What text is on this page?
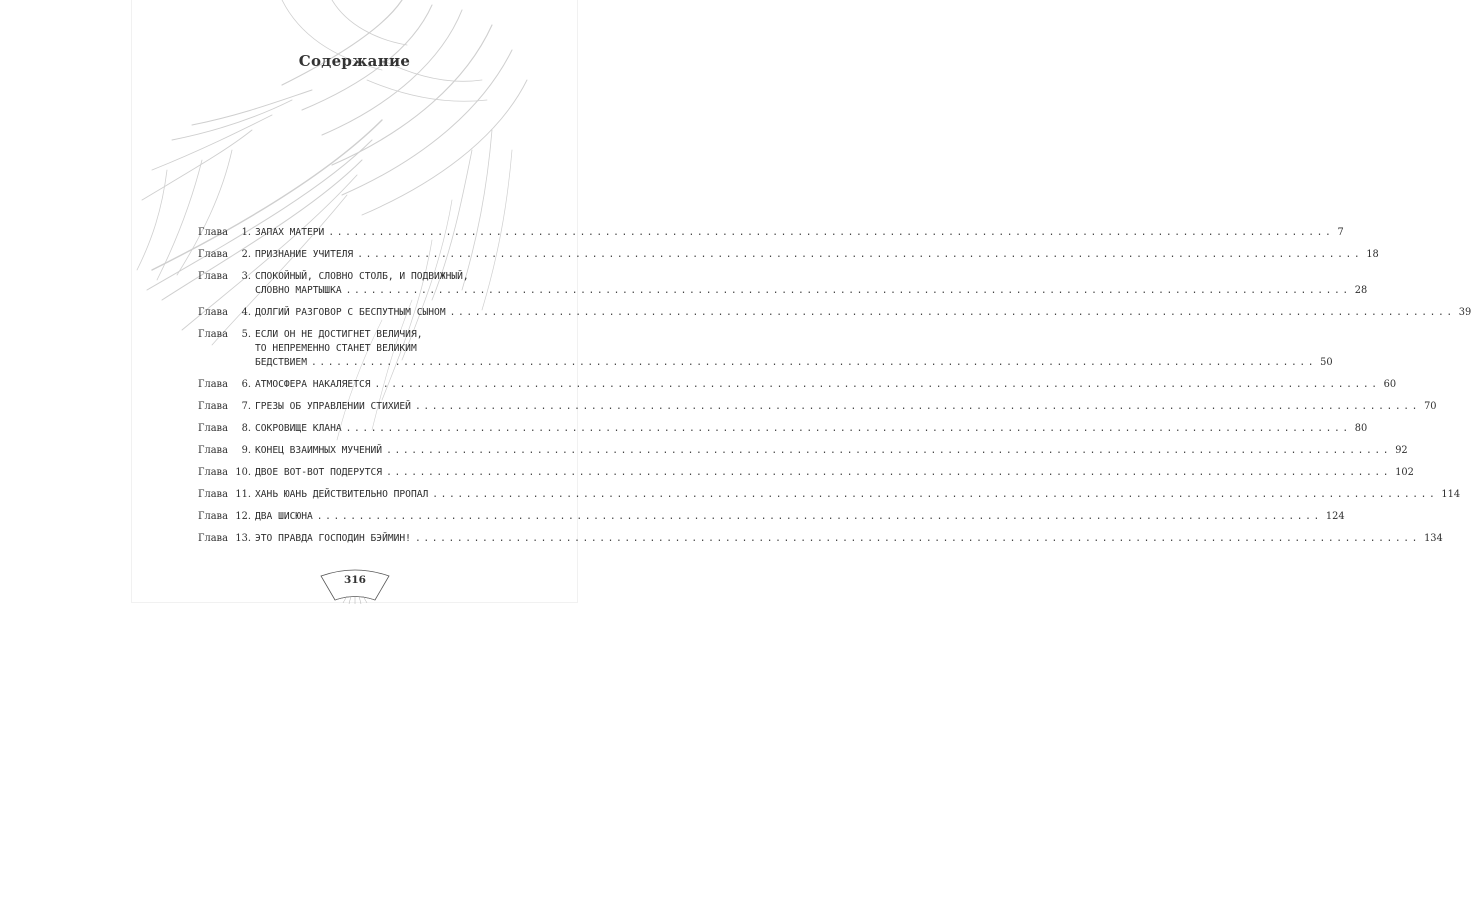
Содержание
Глава	1. ЗАПАХ МАТЕРИ ........................................................................................................................ 7
Глава	2. ПРИЗНАНИЕ УЧИТЕЛЯ ........................................................................................................................ 18
Глава	3. СПОКОЙНЫЙ, СЛОВНО СТОЛБ, И ПОДВИЖНЫЙ,
СЛОВНО МАРТЫШКА ........................................................................................................................ 28
Глава	4. ДОЛГИЙ РАЗГОВОР С БЕСПУТНЫМ СЫНОМ ........................................................................................................................ 39
Глава	5. ЕСЛИ ОН НЕ ДОСТИГНЕТ ВЕЛИЧИЯ,
ТО НЕПРЕМЕННО СТАНЕТ ВЕЛИКИМ
БЕДСТВИЕМ ........................................................................................................................ 50
Глава	6. АТМОСФЕРА НАКАЛЯЕТСЯ ........................................................................................................................ 60
Глава	7. ГРЕЗЫ ОБ УПРАВЛЕНИИ СТИХИЕЙ ........................................................................................................................ 70
Глава	8. СОКРОВИЩЕ КЛАНА ........................................................................................................................ 80
Глава	9. КОНЕЦ ВЗАИМНЫХ МУЧЕНИЙ ........................................................................................................................ 92
Глава 10. ДВОЕ ВОТ-ВОТ ПОДЕРУТСЯ ........................................................................................................................ 102
Глава 11. ХАНЬ ЮАНЬ ДЕЙСТВИТЕЛЬНО ПРОПАЛ ........................................................................................................................ 114
Глава 12. ДВА ШИСЮНА ........................................................................................................................ 124
Глава 13. ЭТО ПРАВДА ГОСПОДИН БЭЙМИН! ........................................................................................................................ 134
316
